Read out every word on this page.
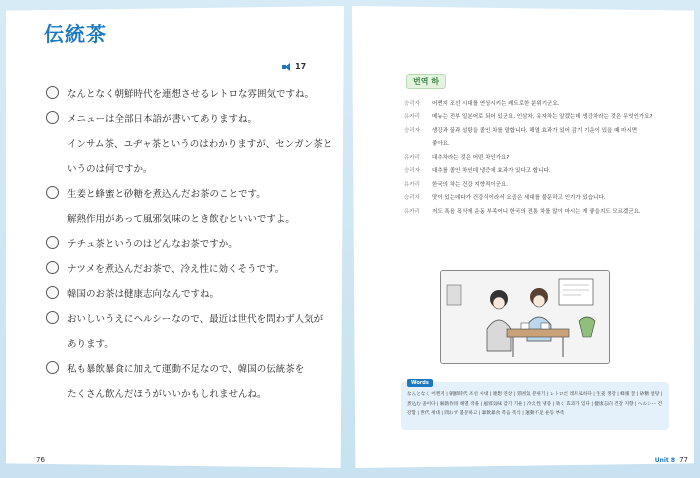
伝統茶
17
なんとなく朝鮮時代を連想させるレトロな雰囲気ですね。
メニューは全部日本語が書いてありますね。
インサム茶、ユヂャ茶というのはわかりますが、センガン茶と
いうのは何ですか。
生姜と蜂蜜と砂糖を煮込んだお茶のことです。
解熱作用があって風邪気味のとき飲むといいですよ。
テチュ茶というのはどんなお茶ですか。
ナツメを煮込んだお茶で、冷え性に効くそうです。
韓国のお茶は健康志向なんですね。
おいしいうえにヘルシーなので、最近は世代を問わず人気が
あります。
私も暴飲暴食に加えて運動不足なので、韓国の伝統茶を
たくさん飲んだほうがいいかもしれませんね。
76
번역 하
승리자	어쩐지 조선 시대를 연상시키는 레트로한 분위기군요.
유카리	메뉴는 전부 일본어로 되어 있군요. 인삼차, 유자차는 알겠는데 생강차라는 것은 무엇인가요?
승리자	생강과 꿀과 설탕을 졸인 차를 말합니다. 해열 효과가 있어 감기 기운이 있을 때 마시면
좋아요.
유카리	대추차라는 것은 어떤 차인가요?
승리자	대추를 졸인 차인데 냉증에 효과가 있다고 합니다.
유카리	한국의 차는 건강 지향적이군요.
승리자	맛이 있는데다가 건강식이라서 요즘은 세대를 불문하고 인기가 있습니다.
유카리	저도 폭음 폭식에 운동 부족이니 한국의 전통 차를 많이 마시는 게 좋을지도 모르겠군요.
Words
なんとなく 어쩐지 | 朝鮮時代 조선 시대 | 連想 연상 | 雰囲気 분위기 | レトロだ 레트로하다 | 生姜 생강 | 蜂蜜 꿀 | 砂糖 설탕 | 煮込む 졸이다 | 解熱作用 해열 작용 | 風邪気味 감기 기운 | 冷え性 냉증 | 効く 효과가 있다 | 健康志向 건강 지향 | ヘルシー 건강함 | 世代 세대 | 問わず 불문하고 | 暴飲暴食 폭음 폭식 | 運動不足 운동 부족
Unit 8 77
